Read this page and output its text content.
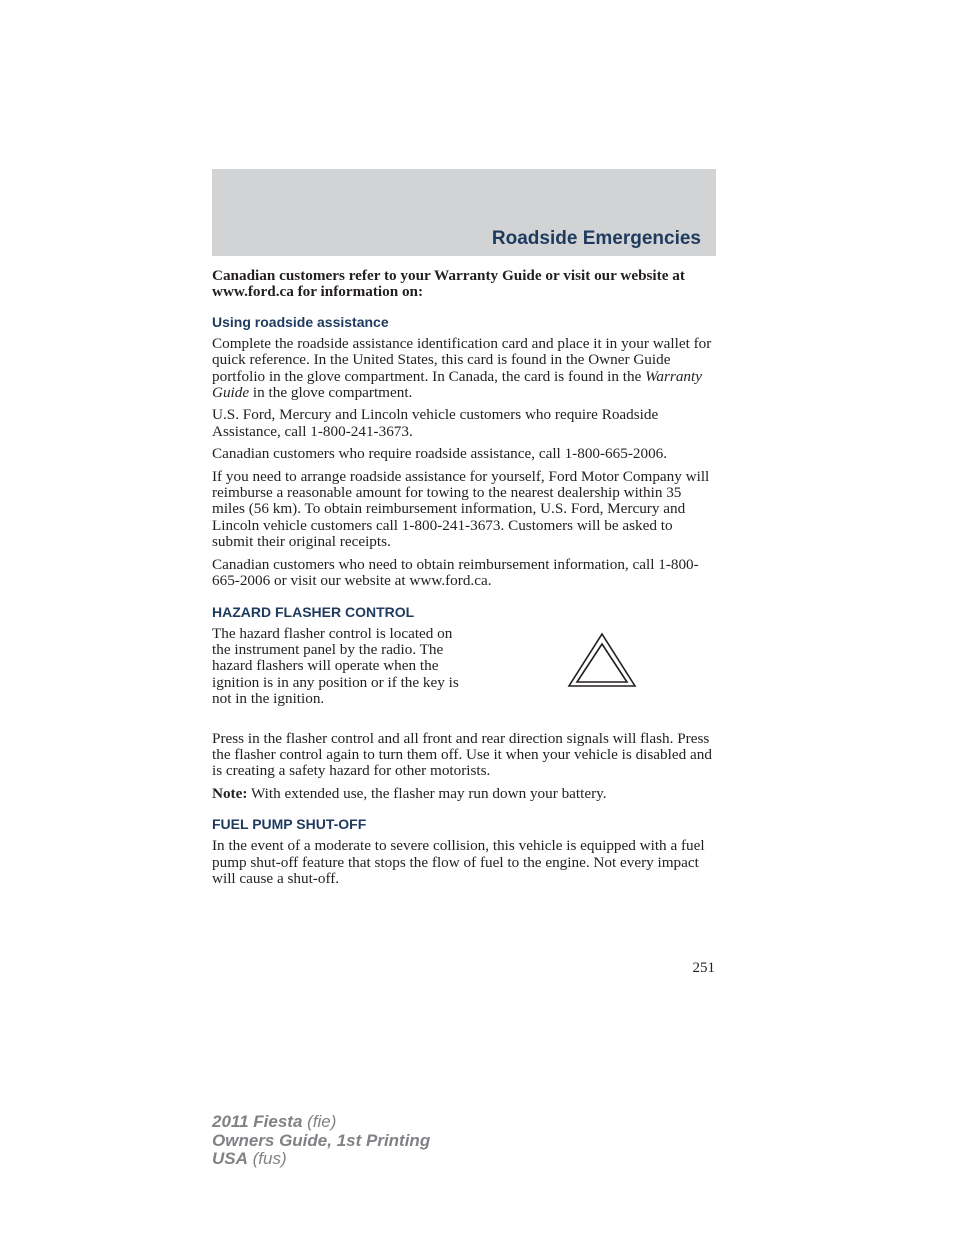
Roadside Emergencies

Canadian customers refer to your Warranty Guide or visit our website at www.ford.ca for information on:

Using roadside assistance

Complete the roadside assistance identification card and place it in your wallet for quick reference. In the United States, this card is found in the Owner Guide portfolio in the glove compartment. In Canada, the card is found in the Warranty Guide in the glove compartment.

U.S. Ford, Mercury and Lincoln vehicle customers who require Roadside Assistance, call 1-800-241-3673.

Canadian customers who require roadside assistance, call 1-800-665-2006.

If you need to arrange roadside assistance for yourself, Ford Motor Company will reimburse a reasonable amount for towing to the nearest dealership within 35 miles (56 km). To obtain reimbursement information, U.S. Ford, Mercury and Lincoln vehicle customers call 1-800-241-3673. Customers will be asked to submit their original receipts.

Canadian customers who need to obtain reimbursement information, call 1-800-665-2006 or visit our website at www.ford.ca.

HAZARD FLASHER CONTROL

The hazard flasher control is located on the instrument panel by the radio. The hazard flashers will operate when the ignition is in any position or if the key is not in the ignition.

Press in the flasher control and all front and rear direction signals will flash. Press the flasher control again to turn them off. Use it when your vehicle is disabled and is creating a safety hazard for other motorists.

Note: With extended use, the flasher may run down your battery.

FUEL PUMP SHUT-OFF

In the event of a moderate to severe collision, this vehicle is equipped with a fuel pump shut-off feature that stops the flow of fuel to the engine. Not every impact will cause a shut-off.

251
2011 Fiesta (fie)
Owners Guide, 1st Printing
USA (fus)
